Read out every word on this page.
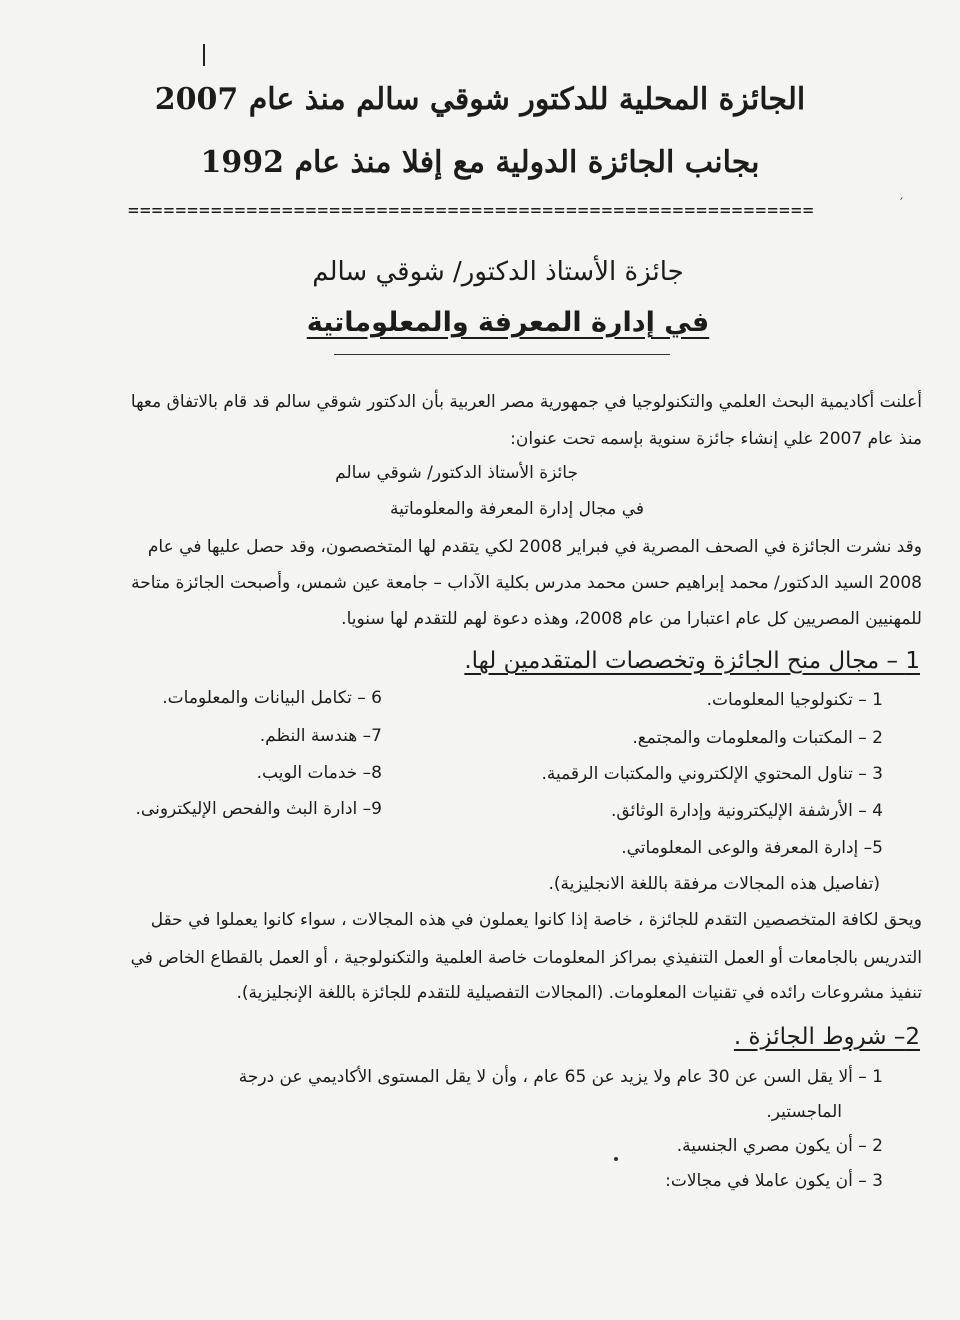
′
الجائزة المحلية للدكتور شوقي سالم منذ عام 2007
بجانب الجائزة الدولية مع إفلا منذ عام 1992
==========================================================
جائزة الأستاذ الدكتور/ شوقي سالم
في إدارة المعرفة والمعلوماتية
أعلنت أكاديمية البحث العلمي والتكنولوجيا في جمهورية مصر العربية بأن الدكتور شوقي سالم قد قام بالاتفاق معها
منذ عام 2007 علي إنشاء جائزة سنوية بإسمه تحت عنوان:
جائزة الأستاذ الدكتور/ شوقي سالم
في مجال إدارة المعرفة والمعلوماتية
وقد نشرت الجائزة في الصحف المصرية في فبراير 2008 لكي يتقدم لها المتخصصون، وقد حصل عليها في عام
2008 السيد الدكتور/ محمد إبراهيم حسن محمد مدرس بكلية الآداب – جامعة عين شمس، وأصبحت الجائزة متاحة
للمهنيين المصريين كل عام اعتبارا من عام 2008، وهذه دعوة لهم للتقدم لها سنويا.
1 – مجال منح الجائزة وتخصصات المتقدمين لها.
1 – تكنولوجيا المعلومات.
2 – المكتبات والمعلومات والمجتمع.
3 – تناول المحتوي الإلكتروني والمكتبات الرقمية.
4 – الأرشفة الإليكترونية وإدارة الوثائق.
5– إدارة المعرفة والوعى المعلوماتي.
6 – تكامل البيانات والمعلومات.
7– هندسة النظم.
8– خدمات الويب.
9– ادارة البث والفحص الإليكترونى.
(تفاصيل هذه المجالات مرفقة باللغة الانجليزية).
ويحق لكافة المتخصصين التقدم للجائزة ، خاصة إذا كانوا يعملون في هذه المجالات ، سواء كانوا يعملوا في حقل
التدريس بالجامعات أو العمل التنفيذي بمراكز المعلومات خاصة العلمية والتكنولوجية ، أو العمل بالقطاع الخاص في
تنفيذ مشروعات رائده في تقنيات المعلومات. (المجالات التفصيلية للتقدم للجائزة باللغة الإنجليزية).
2– شروط الجائزة .
1 – ألا يقل السن عن 30 عام ولا يزيد عن 65 عام ، وأن لا يقل المستوى الأكاديمي عن درجة
الماجستير.
2 – أن يكون مصري الجنسية.
3 – أن يكون عاملا في مجالات:
